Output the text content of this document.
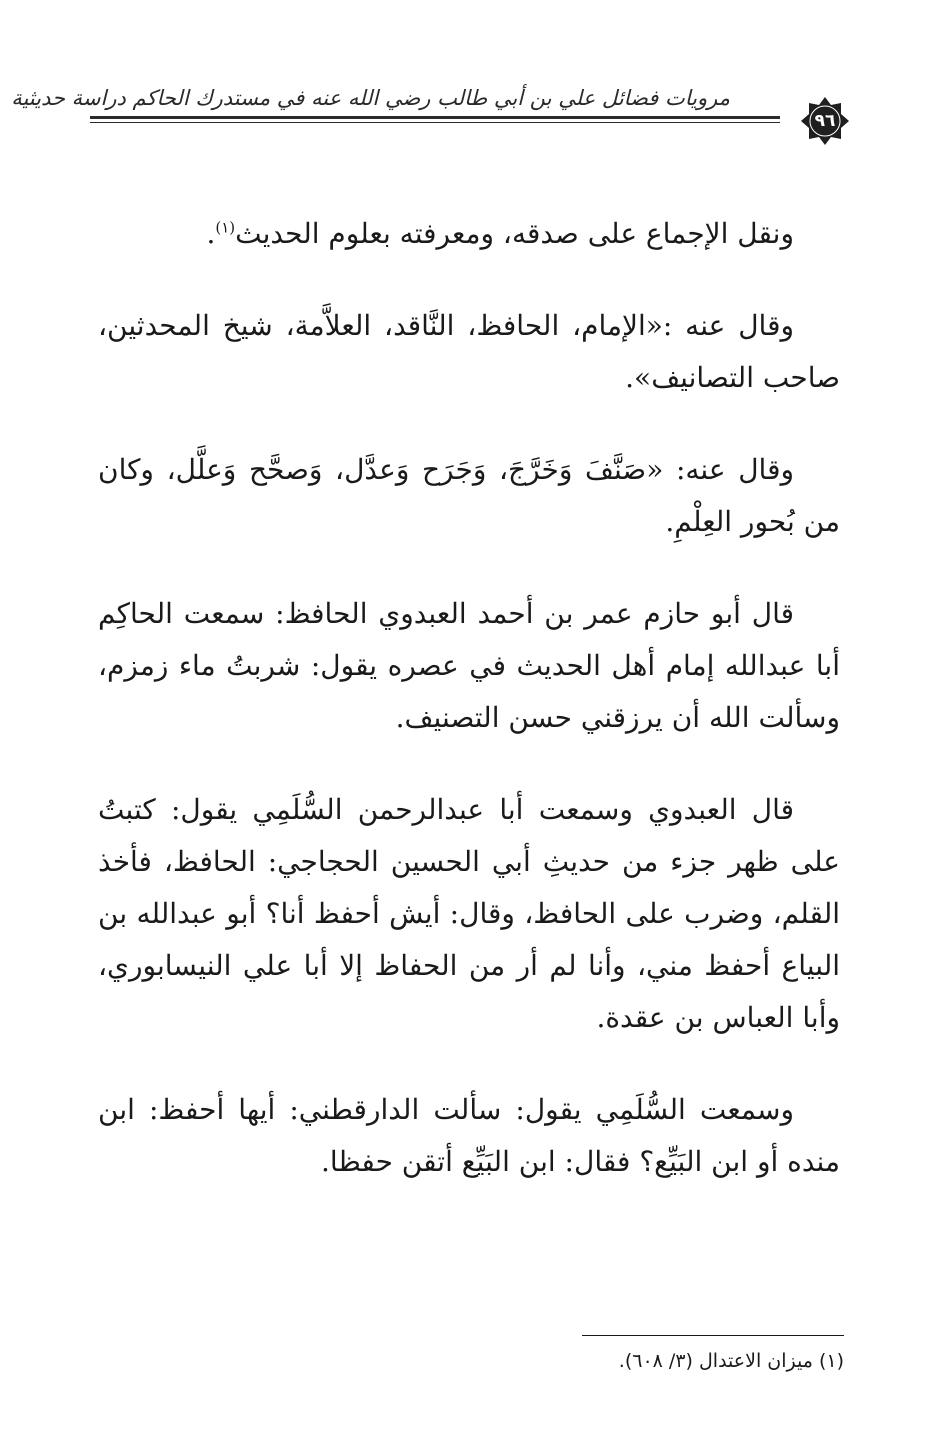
مرويات فضائل علي بن أبي طالب رضي الله عنه في مستدرك الحاكم دراسة حديثية
٩٦

ونقل الإجماع على صدقه، ومعرفته بعلوم الحديث$^{(١)}$.

وقال عنه :«الإمام، الحافظ، النَّاقد، العلاَّمة، شيخ المحدثين، صاحب التصانيف».

وقال عنه: «صَنَّفَ وَخَرَّجَ، وَجَرَح وَعدَّل، وَصحَّح وَعلَّل، وكان من بُحور العِلْمِ.

قال أبو حازم عمر بن أحمد العبدوي الحافظ: سمعت الحاكِم أبا عبدالله إمام أهل الحديث في عصره يقول: شربتُ ماء زمزم، وسألت الله أن يرزقني حسن التصنيف.

قال العبدوي وسمعت أبا عبدالرحمن السُّلَمِي يقول: كتبتُ على ظهر جزء من حديثِ أبي الحسين الحجاجي: الحافظ، فأخذ القلم، وضرب على الحافظ، وقال: أيش أحفظ أنا؟ أبو عبدالله بن البياع أحفظ مني، وأنا لم أر من الحفاظ إلا أبا علي النيسابوري، وأبا العباس بن عقدة.

وسمعت السُّلَمِي يقول: سألت الدارقطني: أيها أحفظ: ابن منده أو ابن البَيِّع؟ فقال: ابن البَيِّع أتقن حفظا.

(١) ميزان الاعتدال (٣/ ٦٠٨).
